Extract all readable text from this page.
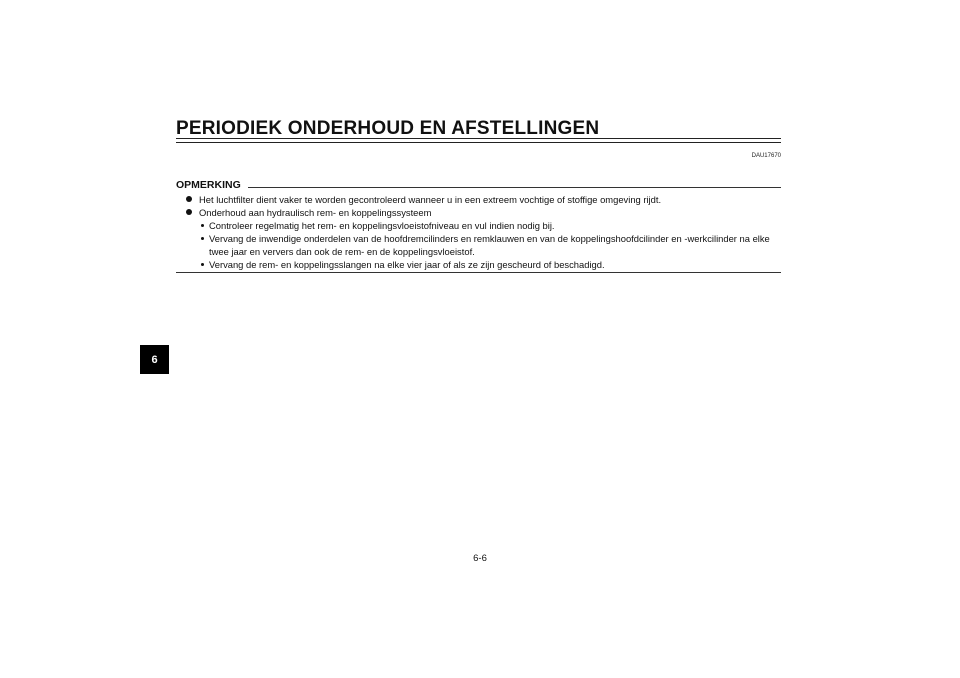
PERIODIEK ONDERHOUD EN AFSTELLINGEN
DAU17670
OPMERKING
Het luchtfilter dient vaker te worden gecontroleerd wanneer u in een extreem vochtige of stoffige omgeving rijdt.
Onderhoud aan hydraulisch rem- en koppelingssysteem
Controleer regelmatig het rem- en koppelingsvloeistofniveau en vul indien nodig bij.
Vervang de inwendige onderdelen van de hoofdremcilinders en remklauwen en van de koppelingshoofdcilinder en -werkcilinder na elke twee jaar en ververs dan ook de rem- en de koppelingsvloeistof.
Vervang de rem- en koppelingsslangen na elke vier jaar of als ze zijn gescheurd of beschadigd.
6
6-6
